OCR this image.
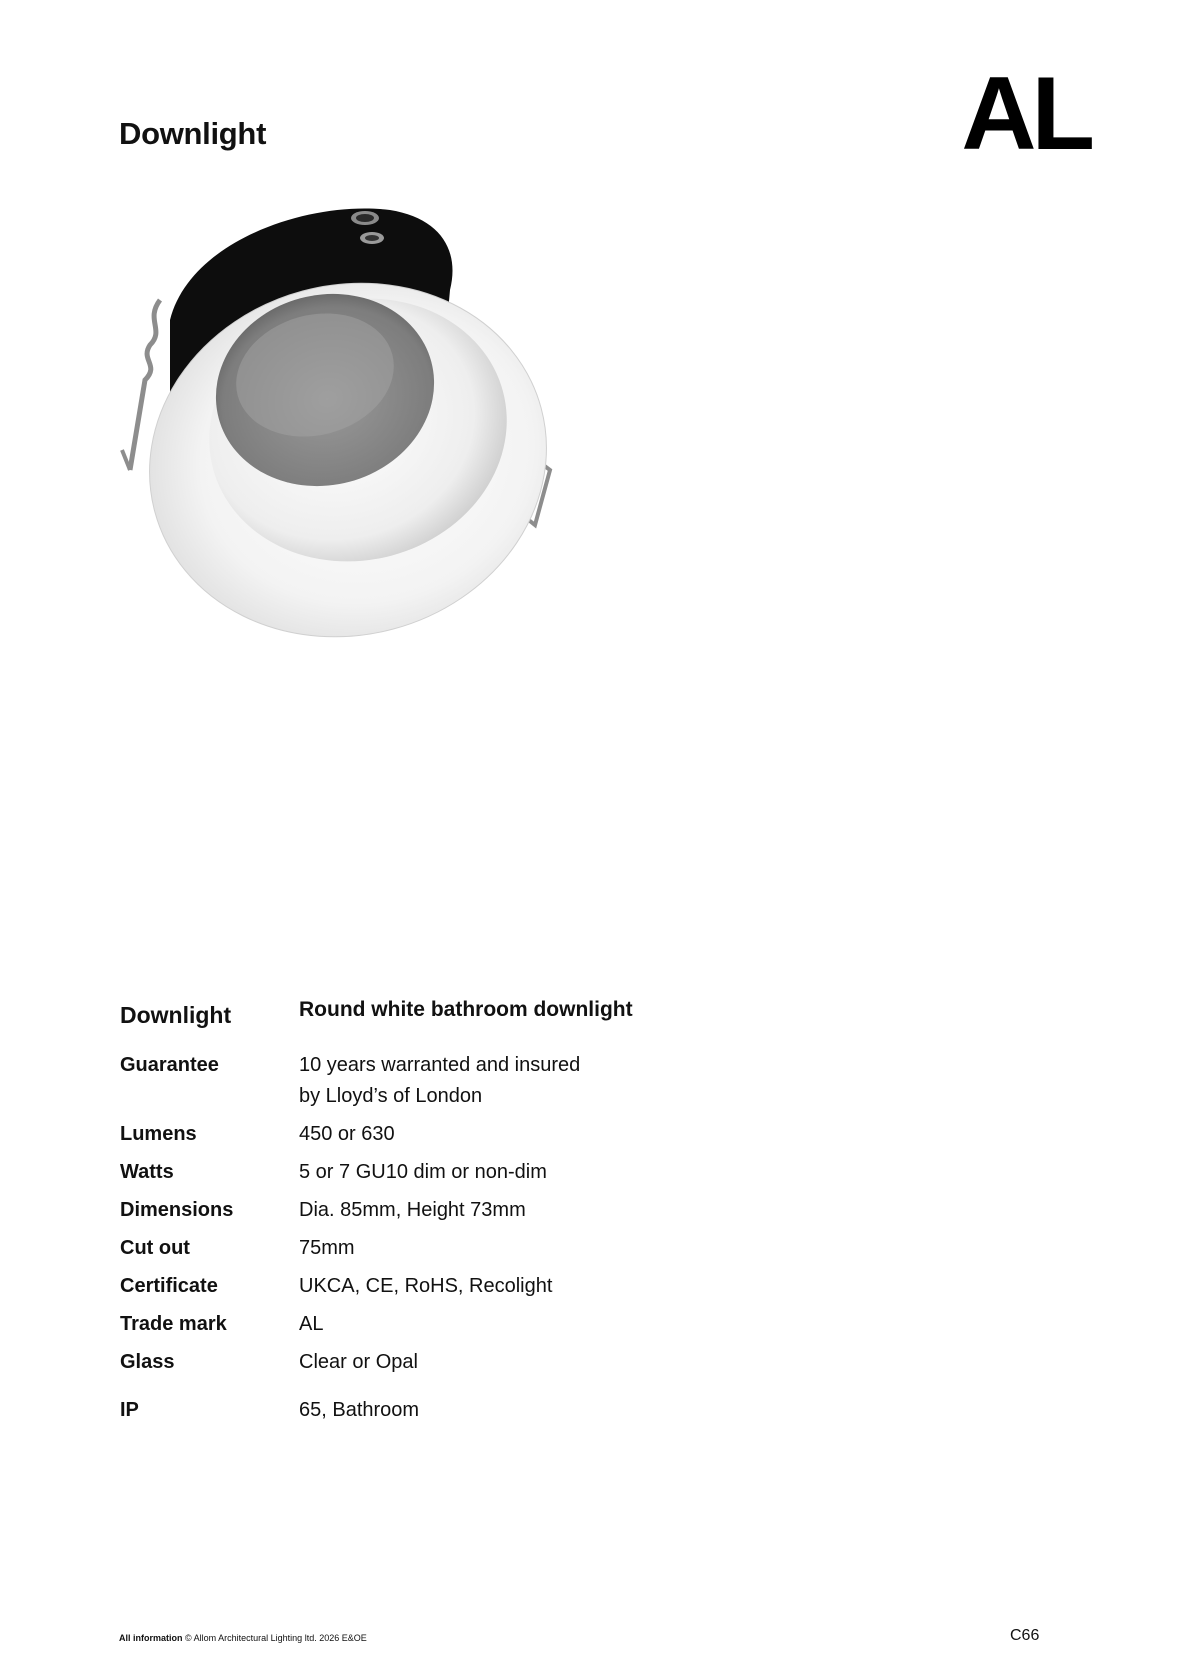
Downlight	AL
Downlight	Round white bathroom downlight
Guarantee	10 years warranted and insured
by Lloyd’s of London
Lumens	450 or 630
Watts	5 or 7 GU10 dim or non-dim
Dimensions	Dia. 85mm, Height 73mm
Cut out	75mm
Certificate	UKCA, CE, RoHS, Recolight
Trade mark	AL
Glass	Clear or Opal
IP	65, Bathroom
All information © Allom Architectural Lighting ltd. 2026 E&OE	C66
